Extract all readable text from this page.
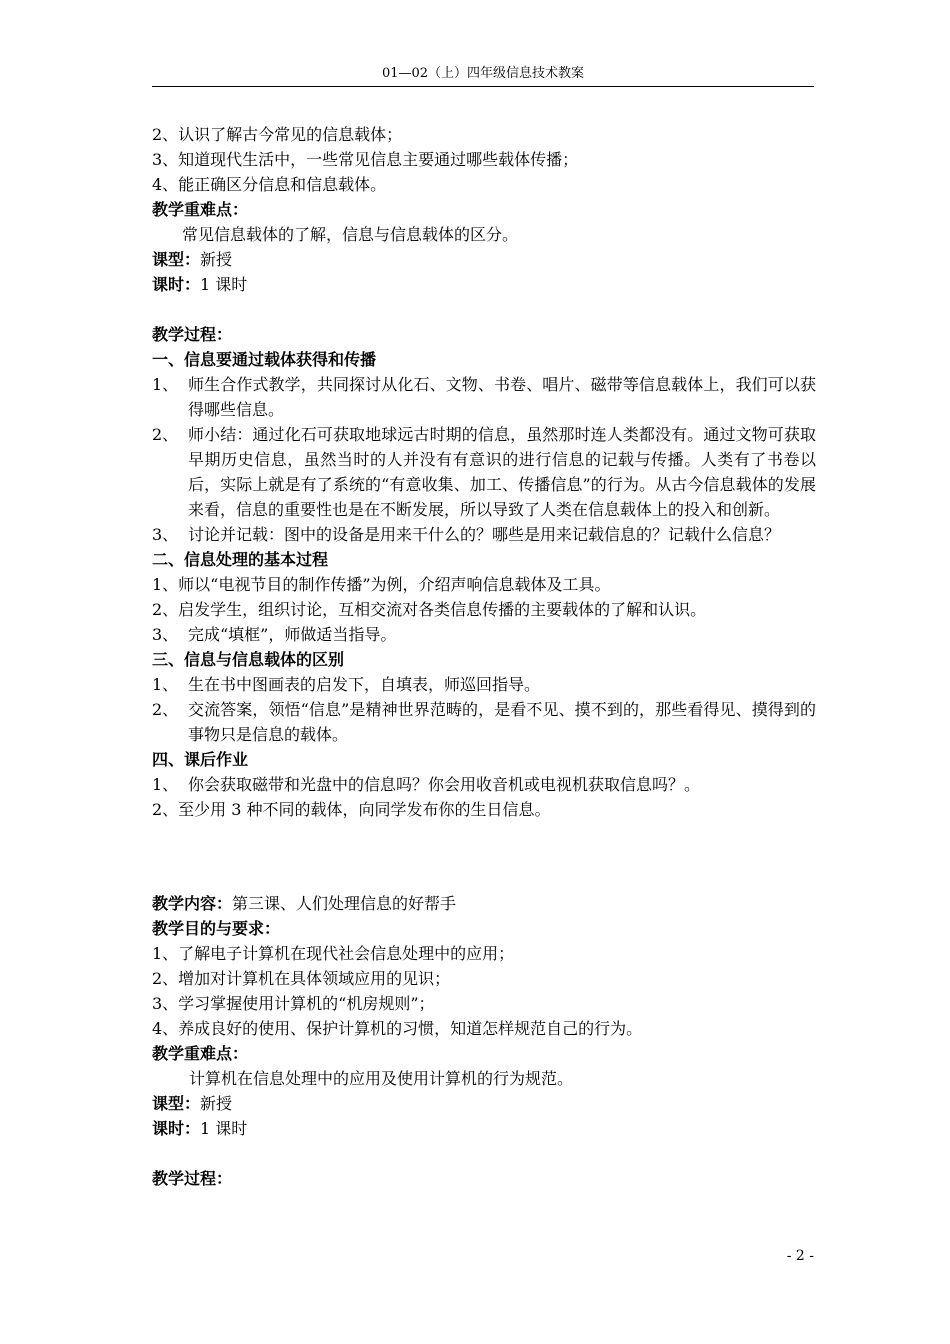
01—02（上）四年级信息技术教案
2、认识了解古今常见的信息载体；
3、知道现代生活中，一些常见信息主要通过哪些载体传播；
4、能正确区分信息和信息载体。
教学重难点：
常见信息载体的了解，信息与信息载体的区分。
课型：新授
课时：1 课时
教学过程：
一、信息要通过载体获得和传播
1、 师生合作式教学，共同探讨从化石、文物、书卷、唱片、磁带等信息载体上，我们可以获得哪些信息。
2、 师小结：通过化石可获取地球远古时期的信息，虽然那时连人类都没有。通过文物可获取早期历史信息，虽然当时的人并没有有意识的进行信息的记载与传播。人类有了书卷以后，实际上就是有了系统的“有意收集、加工、传播信息”的行为。从古今信息载体的发展来看，信息的重要性也是在不断发展，所以导致了人类在信息载体上的投入和创新。
3、 讨论并记载：图中的设备是用来干什么的？哪些是用来记载信息的？记载什么信息？
二、信息处理的基本过程
1、师以“电视节目的制作传播”为例，介绍声响信息载体及工具。
2、启发学生，组织讨论，互相交流对各类信息传播的主要载体的了解和认识。
3、 完成“填框”，师做适当指导。
三、信息与信息载体的区别
1、 生在书中图画表的启发下，自填表，师巡回指导。
2、 交流答案，领悟“信息”是精神世界范畴的，是看不见、摸不到的，那些看得见、摸得到的事物只是信息的载体。
四、课后作业
1、 你会获取磁带和光盘中的信息吗？你会用收音机或电视机获取信息吗？。
2、至少用 3 种不同的载体，向同学发布你的生日信息。
教学内容：第三课、人们处理信息的好帮手
教学目的与要求：
1、了解电子计算机在现代社会信息处理中的应用；
2、增加对计算机在具体领域应用的见识；
3、学习掌握使用计算机的“机房规则”；
4、养成良好的使用、保护计算机的习惯，知道怎样规范自己的行为。
教学重难点：
计算机在信息处理中的应用及使用计算机的行为规范。
课型：新授
课时：1 课时
教学过程：
- 2 -
